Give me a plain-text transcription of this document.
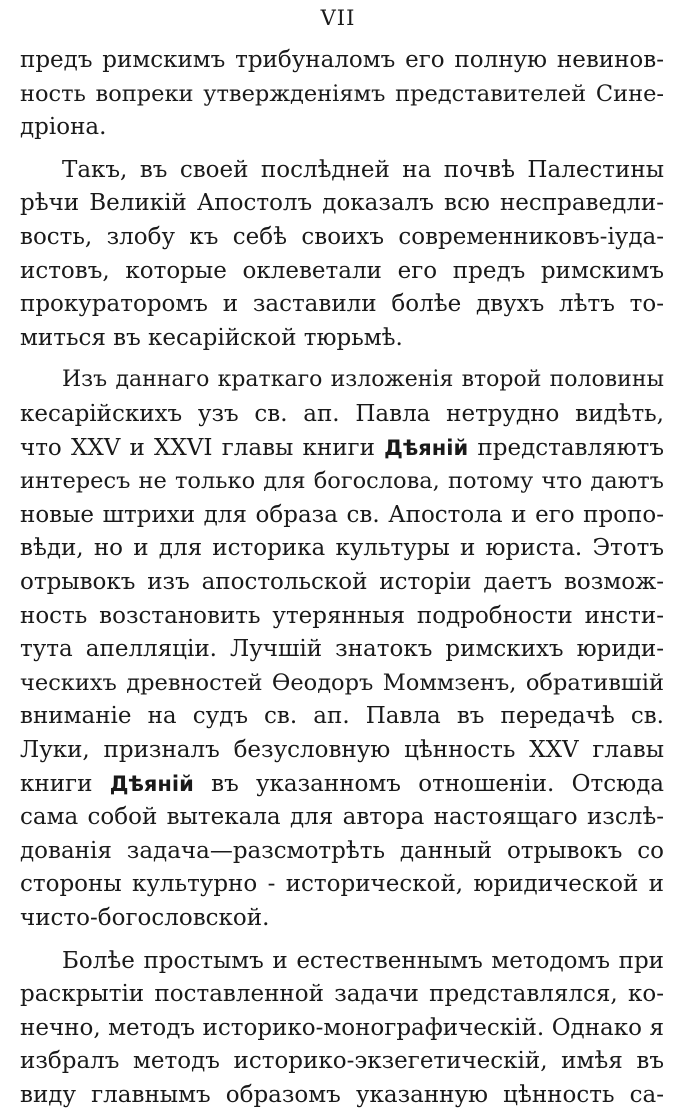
VII
предъ римскимъ трибуналомъ его полную невинов-
ность вопреки утвержденiямъ представителей Сине-
дрiона.
Такъ, въ своей послѣдней на почвѣ Палестины
рѣчи Великiй Апостолъ доказалъ всю несправедли-
вость, злобу къ себѣ своихъ современниковъ-iуда-
истовъ, которые оклеветали его предъ римскимъ
прокураторомъ и заставили болѣе двухъ лѣтъ то-
миться въ кесарiйской тюрьмѣ.
Изъ даннаго краткаго изложенiя второй половины
кесарiйскихъ узъ св. ап. Павла нетрудно видѣть,
что XXV и XXVI главы книги Дѣянiй представляютъ
интересъ не только для богослова, потому что даютъ
новые штрихи для образа св. Апостола и его пропо-
вѣди, но и для историка культуры и юриста. Этотъ
отрывокъ изъ апостольской исторiи даетъ возмож-
ность возстановить утерянныя подробности инсти-
тута апелляцiи. Лучшiй знатокъ римскихъ юриди-
ческихъ древностей Ѳеодоръ Моммзенъ, обратившiй
вниманiе на судъ св. ап. Павла въ передачѣ св.
Луки, призналъ безусловную цѣнность XXV главы
книги Дѣянiй въ указанномъ отношенiи. Отсюда
сама собой вытекала для автора настоящаго изслѣ-
дованiя задача—разсмотрѣть данный отрывокъ со
стороны культурно - исторической, юридической и
чисто-богословской.
Болѣе простымъ и естественнымъ методомъ при
раскрытiи поставленной задачи представлялся, ко-
нечно, методъ историко-монографическiй. Однако я
избралъ методъ историко-экзегетическiй, имѣя въ
виду главнымъ образомъ указанную цѣнность са-
